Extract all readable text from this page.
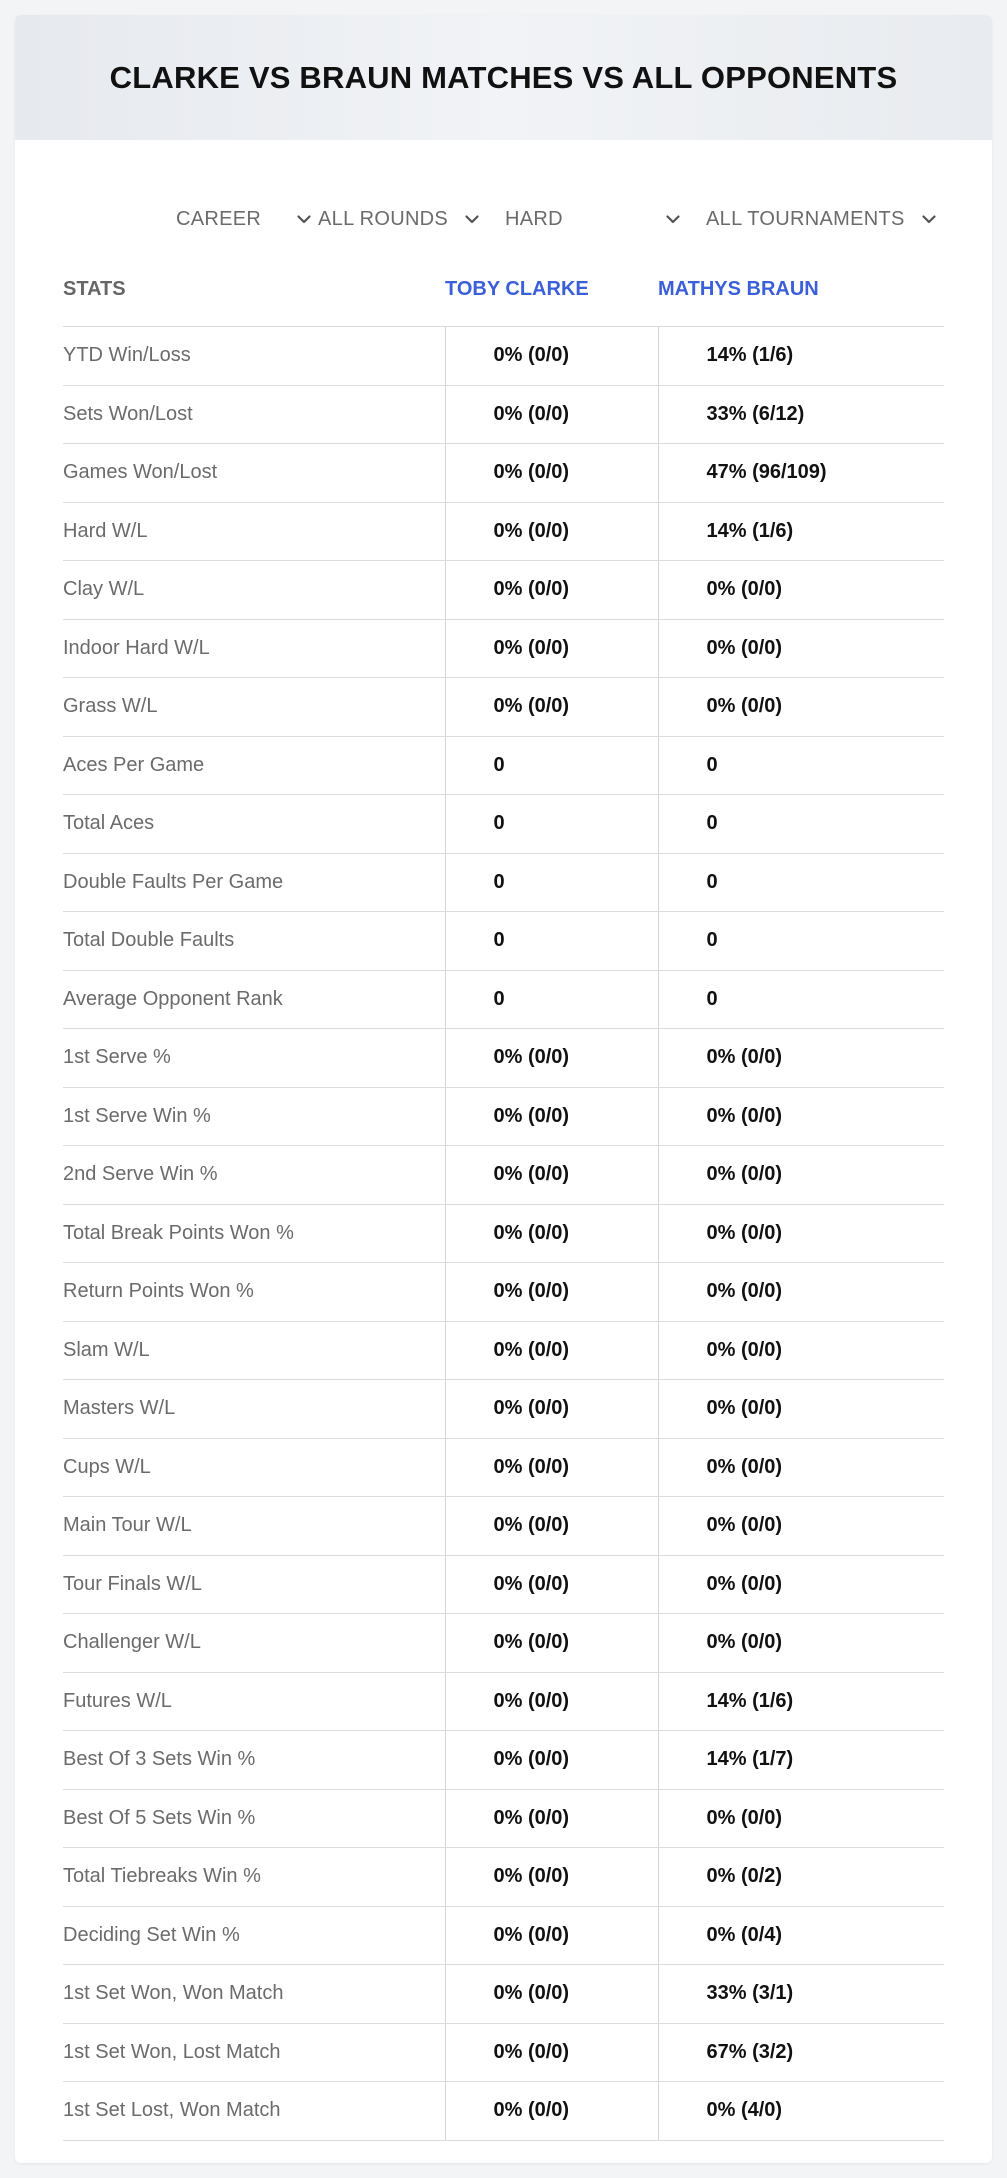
CLARKE VS BRAUN MATCHES VS ALL OPPONENTS
CAREER	ALL ROUNDS	HARD	ALL TOURNAMENTS
STATS	TOBY CLARKE	MATHYS BRAUN
YTD Win/Loss	0% (0/0)	14% (1/6)
Sets Won/Lost	0% (0/0)	33% (6/12)
Games Won/Lost	0% (0/0)	47% (96/109)
Hard W/L	0% (0/0)	14% (1/6)
Clay W/L	0% (0/0)	0% (0/0)
Indoor Hard W/L	0% (0/0)	0% (0/0)
Grass W/L	0% (0/0)	0% (0/0)
Aces Per Game	0	0
Total Aces	0	0
Double Faults Per Game	0	0
Total Double Faults	0	0
Average Opponent Rank	0	0
1st Serve %	0% (0/0)	0% (0/0)
1st Serve Win %	0% (0/0)	0% (0/0)
2nd Serve Win %	0% (0/0)	0% (0/0)
Total Break Points Won %	0% (0/0)	0% (0/0)
Return Points Won %	0% (0/0)	0% (0/0)
Slam W/L	0% (0/0)	0% (0/0)
Masters W/L	0% (0/0)	0% (0/0)
Cups W/L	0% (0/0)	0% (0/0)
Main Tour W/L	0% (0/0)	0% (0/0)
Tour Finals W/L	0% (0/0)	0% (0/0)
Challenger W/L	0% (0/0)	0% (0/0)
Futures W/L	0% (0/0)	14% (1/6)
Best Of 3 Sets Win %	0% (0/0)	14% (1/7)
Best Of 5 Sets Win %	0% (0/0)	0% (0/0)
Total Tiebreaks Win %	0% (0/0)	0% (0/2)
Deciding Set Win %	0% (0/0)	0% (0/4)
1st Set Won, Won Match	0% (0/0)	33% (3/1)
1st Set Won, Lost Match	0% (0/0)	67% (3/2)
1st Set Lost, Won Match	0% (0/0)	0% (4/0)
